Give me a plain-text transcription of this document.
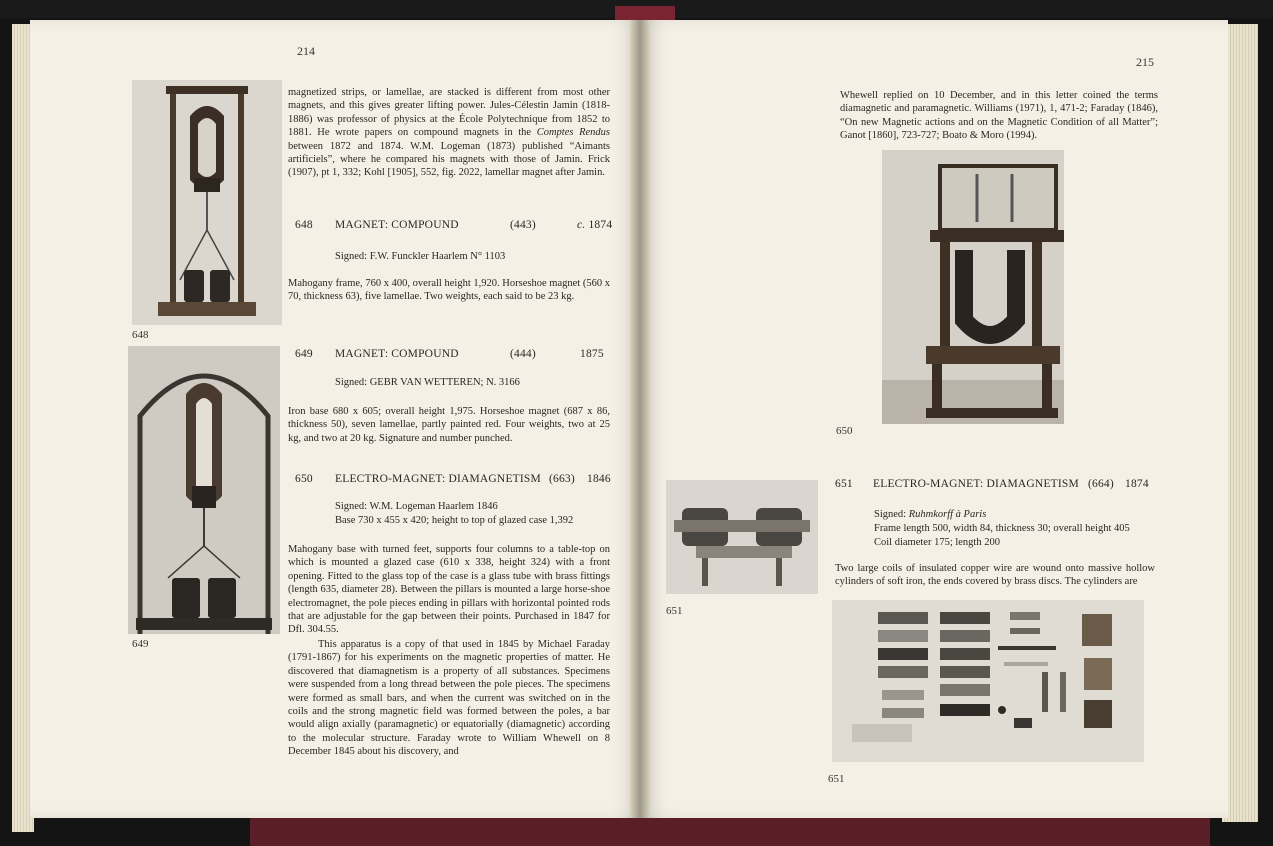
214
648
649

magnetized strips, or lamellae, are stacked is different from most other magnets, and this gives greater lifting power. Jules-Célestin Jamin (1818-1886) was professor of physics at the École Polytechnique from 1852 to 1881. He wrote papers on compound magnets in the Comptes Rendus between 1872 and 1874. W.M. Logeman (1873) published “Aimants artificiels”, where he compared his magnets with those of Jamin. Frick (1907), pt 1, 332; Kohl [1905], 552, fig. 2022, lamellar magnet after Jamin.

648 MAGNET: COMPOUND	(443)	c. 1874
Signed: F.W. Funckler Haarlem N° 1103

Mahogany frame, 760 x 400, overall height 1,920. Horseshoe magnet (560 x 70, thickness 63), five lamellae. Two weights, each said to be 23 kg.

649 MAGNET: COMPOUND	(444)	1875
Signed: GEBR VAN WETTEREN; N. 3166

Iron base 680 x 605; overall height 1,975. Horseshoe magnet (687 x 86, thickness 50), seven lamellae, partly painted red. Four weights, two at 25 kg, and two at 20 kg. Signature and number punched.

650 ELECTRO-MAGNET: DIAMAGNETISM (663) 1846
Signed: W.M. Logeman Haarlem 1846
Base 730 x 455 x 420; height to top of glazed case 1,392

Mahogany base with turned feet, supports four columns to a table-top on which is mounted a glazed case (610 x 338, height 324) with a front opening. Fitted to the glass top of the case is a glass tube with brass fittings (length 635, diameter 28). Between the pillars is mounted a large horse-shoe electromagnet, the pole pieces ending in pillars with horizontal pointed rods that are adjustable for the gap between their points. Purchased in 1847 for Dfl. 304.55.

This apparatus is a copy of that used in 1845 by Michael Faraday (1791-1867) for his experiments on the magnetic properties of matter. He discovered that diamagnetism is a property of all substances. Specimens were suspended from a long thread between the pole pieces. The specimens were formed as small bars, and when the current was switched on in the coils and the strong magnetic field was formed between the poles, a bar would align axially (paramagnetic) or equatorially (diamagnetic) according to the molecular structure. Faraday wrote to William Whewell on 8 December 1845 about his discovery, and

215

Whewell replied on 10 December, and in this letter coined the terms diamagnetic and paramagnetic. Williams (1971), 1, 471-2; Faraday (1846), “On new Magnetic actions and on the Magnetic Condition of all Matter”; Ganot [1860], 723-727; Boato & Moro (1994).

650
651
651 ELECTRO-MAGNET: DIAMAGNETISM (664) 1874
Signed: Ruhmkorff à Paris
Frame length 500, width 84, thickness 30; overall height 405
Coil diameter 175; length 200

Two large coils of insulated copper wire are wound onto massive hollow cylinders of soft iron, the ends covered by brass discs. The cylinders are

651
